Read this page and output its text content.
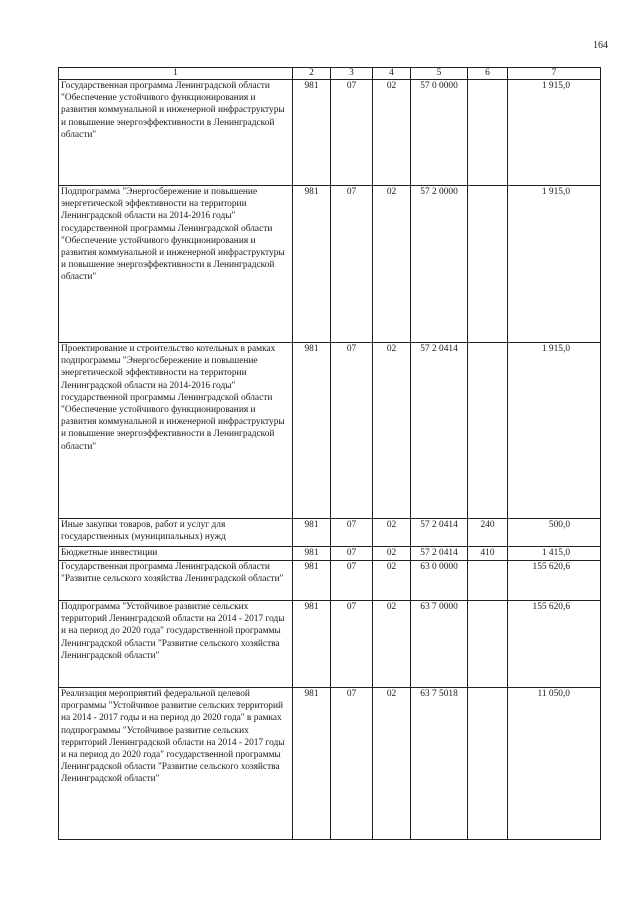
164
1	2	3	4	5	6	7
Государственная программа Ленинградской области "Обеспечение устойчивого функционирования и развития коммунальной и инженерной инфраструктуры и повышение энергоэффективности в Ленинградской области"	981	07	02	57 0 0000		1 915,0
Подпрограмма "Энергосбережение и повышение энергетической эффективности на территории Ленинградской области на 2014-2016 годы" государственной программы Ленинградской области "Обеспечение устойчивого функционирования и развития коммунальной и инженерной инфраструктуры и повышение энергоэффективности в Ленинградской области"	981	07	02	57 2 0000		1 915,0
Проектирование и строительство котельных в рамках подпрограммы "Энергосбережение и повышение энергетической эффективности на территории Ленинградской области на 2014-2016 годы" государственной программы Ленинградской области "Обеспечение устойчивого функционирования и развития коммунальной и инженерной инфраструктуры и повышение энергоэффективности в Ленинградской области"	981	07	02	57 2 0414		1 915,0
Иные закупки товаров, работ и услуг для государственных (муниципальных) нужд	981	07	02	57 2 0414	240	500,0
Бюджетные инвестиции	981	07	02	57 2 0414	410	1 415,0
Государственная программа Ленинградской области "Развитие сельского хозяйства Ленинградской области"	981	07	02	63 0 0000		155 620,6
Подпрограмма "Устойчивое развитие сельских территорий Ленинградской области на 2014 - 2017 годы и на период до 2020 года" государственной программы Ленинградской области "Развитие сельского хозяйства Ленинградской области"	981	07	02	63 7 0000		155 620,6
Реализация мероприятий федеральной целевой программы "Устойчивое развитие сельских территорий на 2014 - 2017 годы и на период до 2020 года" в рамках подпрограммы "Устойчивое развитие сельских территорий Ленинградской области на 2014 - 2017 годы и на период до 2020 года" государственной программы Ленинградской области "Развитие сельского хозяйства Ленинградской области"	981	07	02	63 7 5018		11 050,0
